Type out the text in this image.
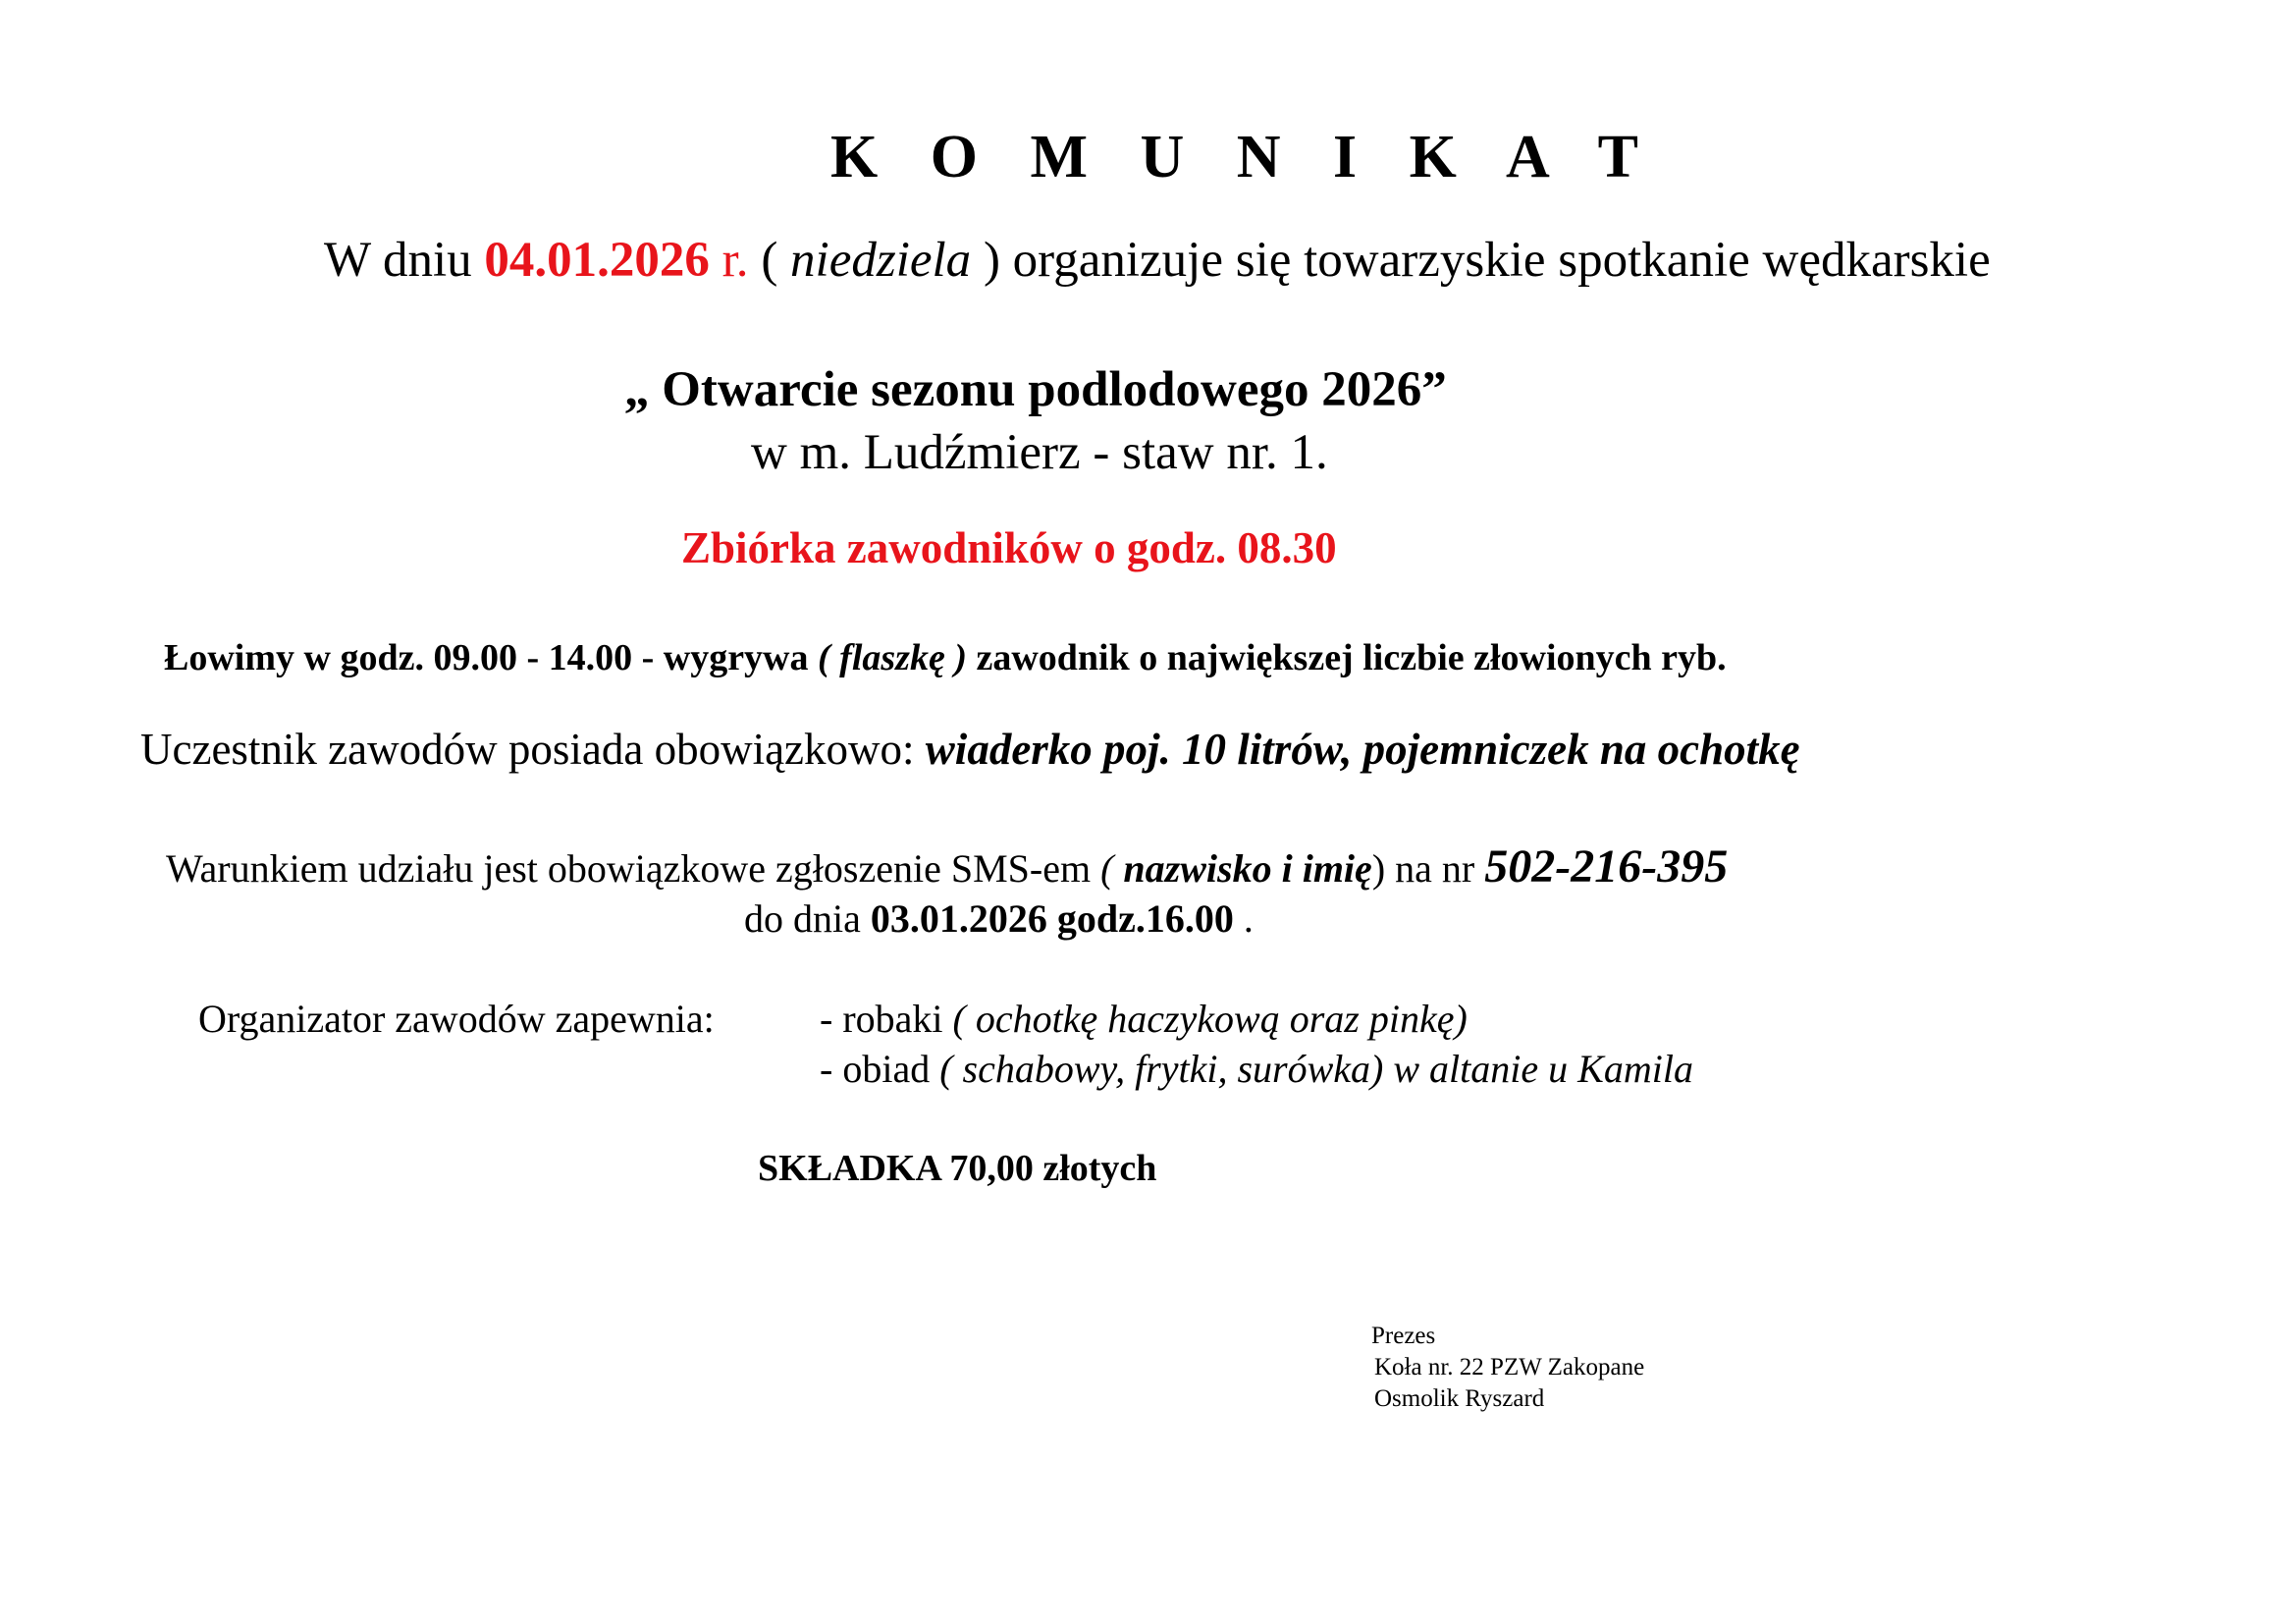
K O M U N I K A T
W dniu 04.01.2026 r. ( niedziela ) organizuje się towarzyskie spotkanie wędkarskie
„ Otwarcie sezonu podlodowego 2026”
w m. Ludźmierz - staw nr. 1.
Zbiórka zawodników o godz. 08.30
Łowimy w godz. 09.00 - 14.00 - wygrywa ( flaszkę ) zawodnik o największej liczbie złowionych ryb.
Uczestnik zawodów posiada obowiązkowo: wiaderko poj. 10 litrów, pojemniczek na ochotkę
Warunkiem udziału jest obowiązkowe zgłoszenie SMS-em ( nazwisko i imię) na nr 502-216-395
do dnia 03.01.2026 godz.16.00 .
Organizator zawodów zapewnia:	- robaki ( ochotkę haczykową oraz pinkę)
- obiad ( schabowy, frytki, surówka) w altanie u Kamila
SKŁADKA 70,00 złotych
Prezes
Koła nr. 22 PZW Zakopane
Osmolik Ryszard
